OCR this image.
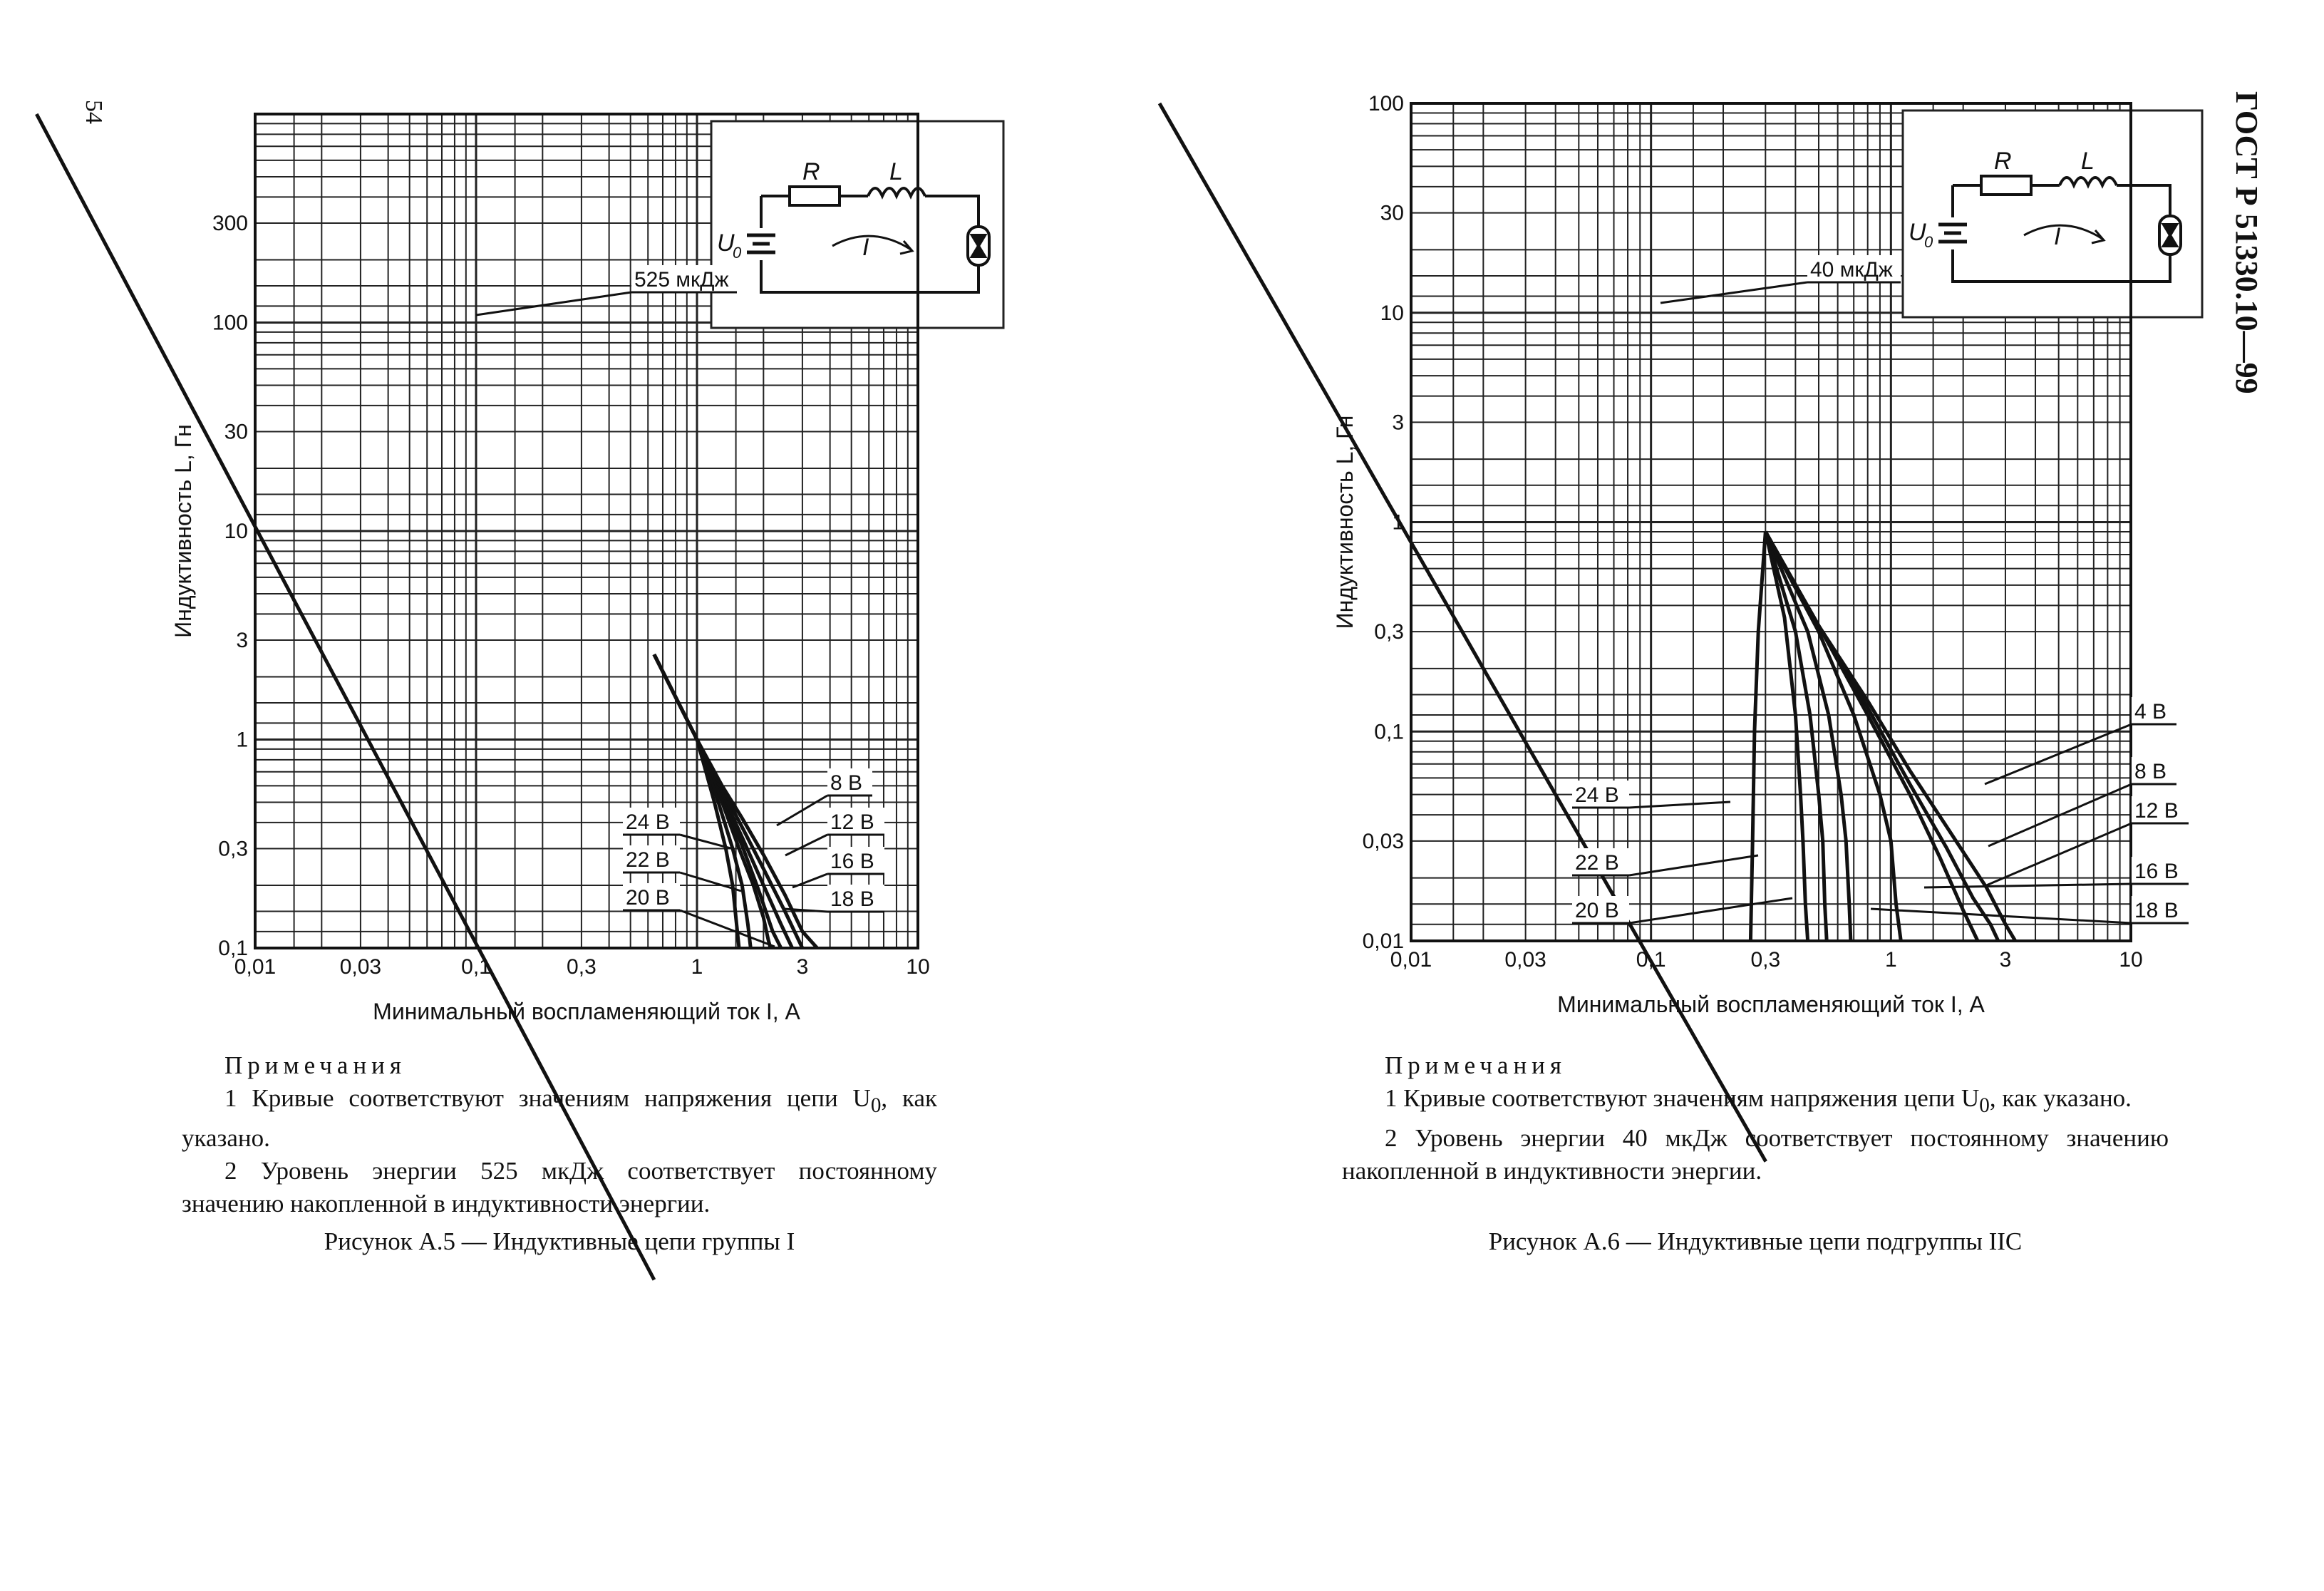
54	ГОСТ Р 51330.10—99
R	L
U
0	I
525 мкДж
8 В
12 В
16 В
18 В
20 В
22 В
24 В
0,01	0,03	0,1	0,3	1	3	10
0,1
0,3
1
3
10
30
100
300
Минимальный воспламеняющий ток I, А
Индуктивность L, Гн
R	L
U
0	I
40 мкДж
4 В
8 В
12 В
16 В
18 В
20 В
22 В
24 В
0,01	0,03	0,1	0,3	1	3	10
0,01
0,03
0,1
0,3
1
3
10
30
100
Минимальный воспламеняющий ток I, А
Индуктивность L, Гн

Примечания

1 Кривые соответствуют значениям напряжения цепи $U_0$, как указано.

2 Уровень энергии 525 мкДж соответствует постоянному значению накопленной в индуктивности энергии.

Рисунок А.5 — Индуктивные цепи группы I

Примечания

1 Кривые соответствуют значениям напряжения цепи $U_0$, как указано.

2 Уровень энергии 40 мкДж соответствует постоянному значению накопленной в индуктивности энергии.

Рисунок А.6 — Индуктивные цепи подгруппы IIC
